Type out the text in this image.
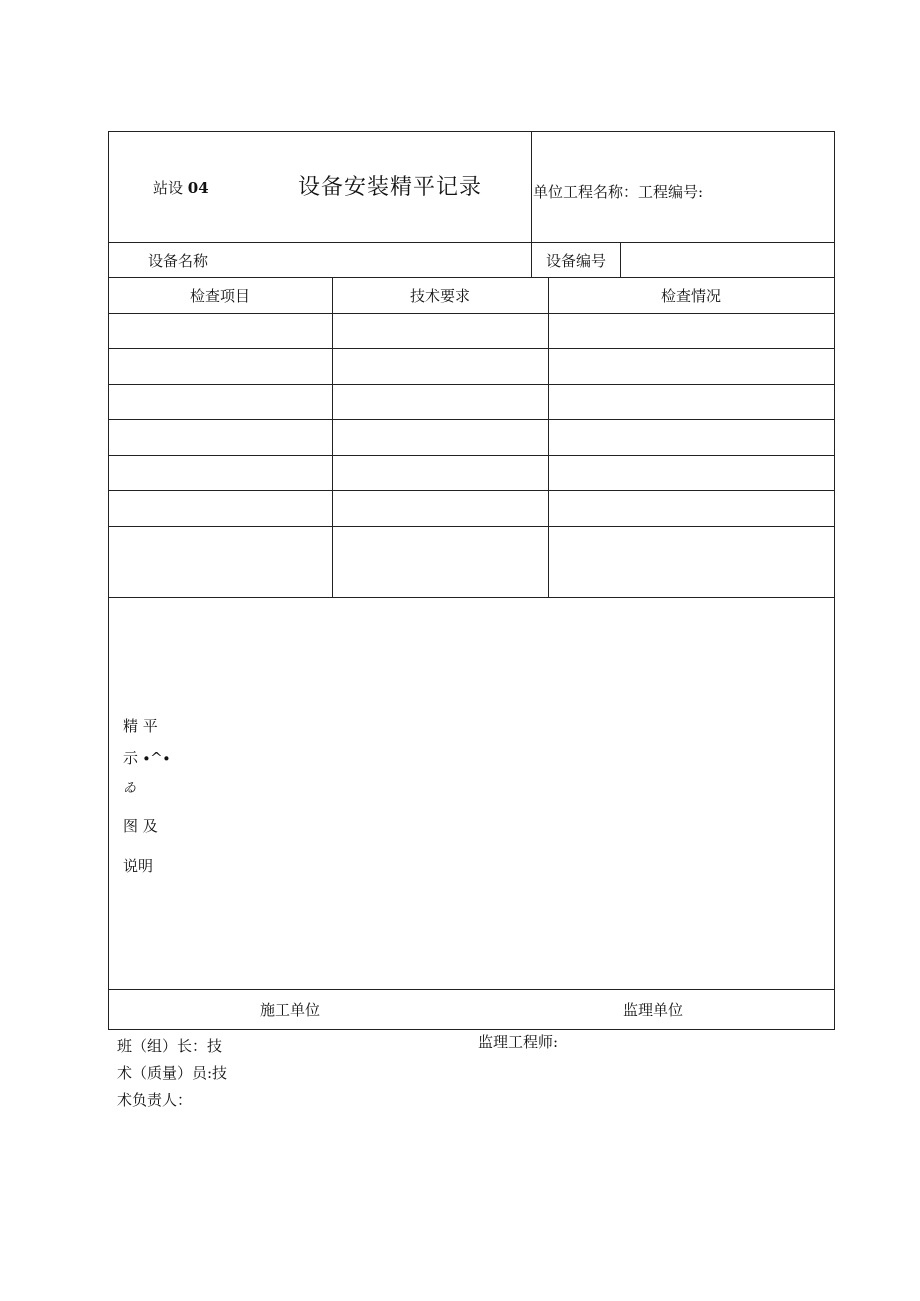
站设 04	设备安装精平记录	单位工程名称：工程编号:
设备名称	设备编号
检查项目	技术要求	检查情况
精 平
示 ∙^∙
ゐ
图 及
说明
施工单位	监理单位
班（组）长：技
术（质量）员:技
术负责人：
监理工程师:
